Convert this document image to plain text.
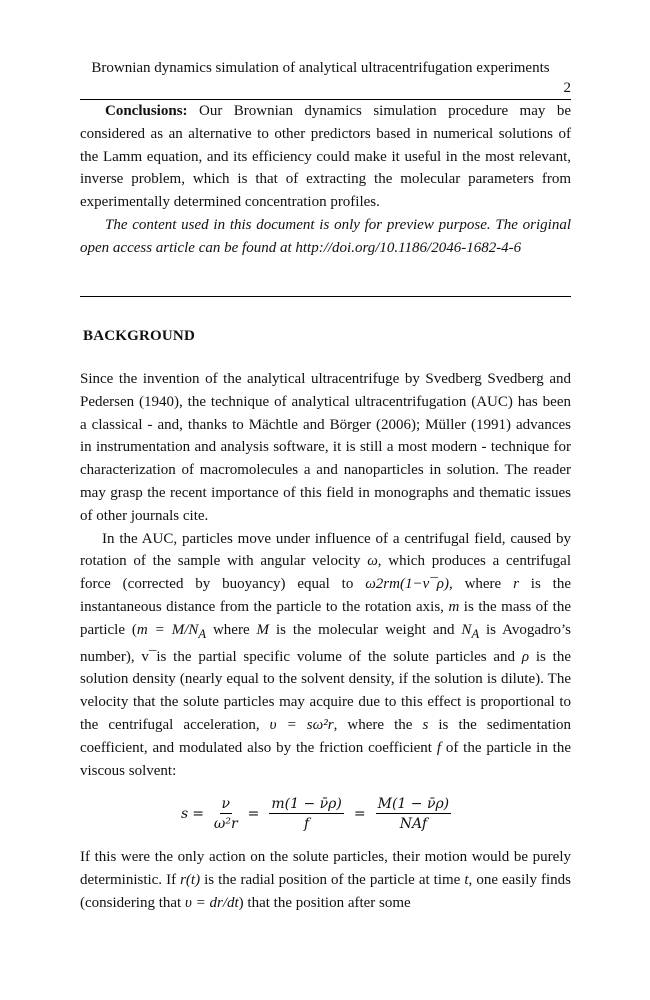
Brownian dynamics simulation of analytical ultracentrifugation experiments
2

Conclusions: Our Brownian dynamics simulation procedure may be considered as an alternative to other predictors based in numerical solutions of the Lamm equation, and its efficiency could make it useful in the most relevant, inverse problem, which is that of extracting the molecular parameters from experimentally determined concentration profiles.

The content used in this document is only for preview purpose. The original open access article can be found at http://doi.org/10.1186/2046-1682-4-6

BACKGROUND

Since the invention of the analytical ultracentrifuge by Svedberg Svedberg and Pedersen (1940), the technique of analytical ultracentrifugation (AUC) has been a classical - and, thanks to Mächtle and Börger (2006); Müller (1991) advances in instrumentation and analysis software, it is still a most modern - technique for characterization of macromolecules a and nanoparticles in solution. The reader may grasp the recent importance of this field in monographs and thematic issues of other journals cite.

In the AUC, particles move under influence of a centrifugal field, caused by rotation of the sample with angular velocity ω, which produces a centrifugal force (corrected by buoyancy) equal to ω2rm(1−v¯ρ), where r is the instantaneous distance from the particle to the rotation axis, m is the mass of the particle ($m = M/N_A$ where M is the molecular weight and $N_A$ is Avogadro’s number), v¯is the partial specific volume of the solute particles and ρ is the solution density (nearly equal to the solvent density, if the solution is dilute). The velocity that the solute particles may acquire due to this effect is proportional to the centrifugal acceleration, υ = sω²r, where the s is the sedimentation coefficient, and modulated also by the friction coefficient f of the particle in the viscous solvent:

$s = \frac{\nu}{\text{ω²r}} = \frac{m(1 - \nū\rho)}{f} = \frac{M(1 - \nū\rho)}{\text{NAf}}$

If this were the only action on the solute particles, their motion would be purely deterministic. If r(t) is the radial position of the particle at time t, one easily finds (considering that υ = dr/dt) that the position after some
